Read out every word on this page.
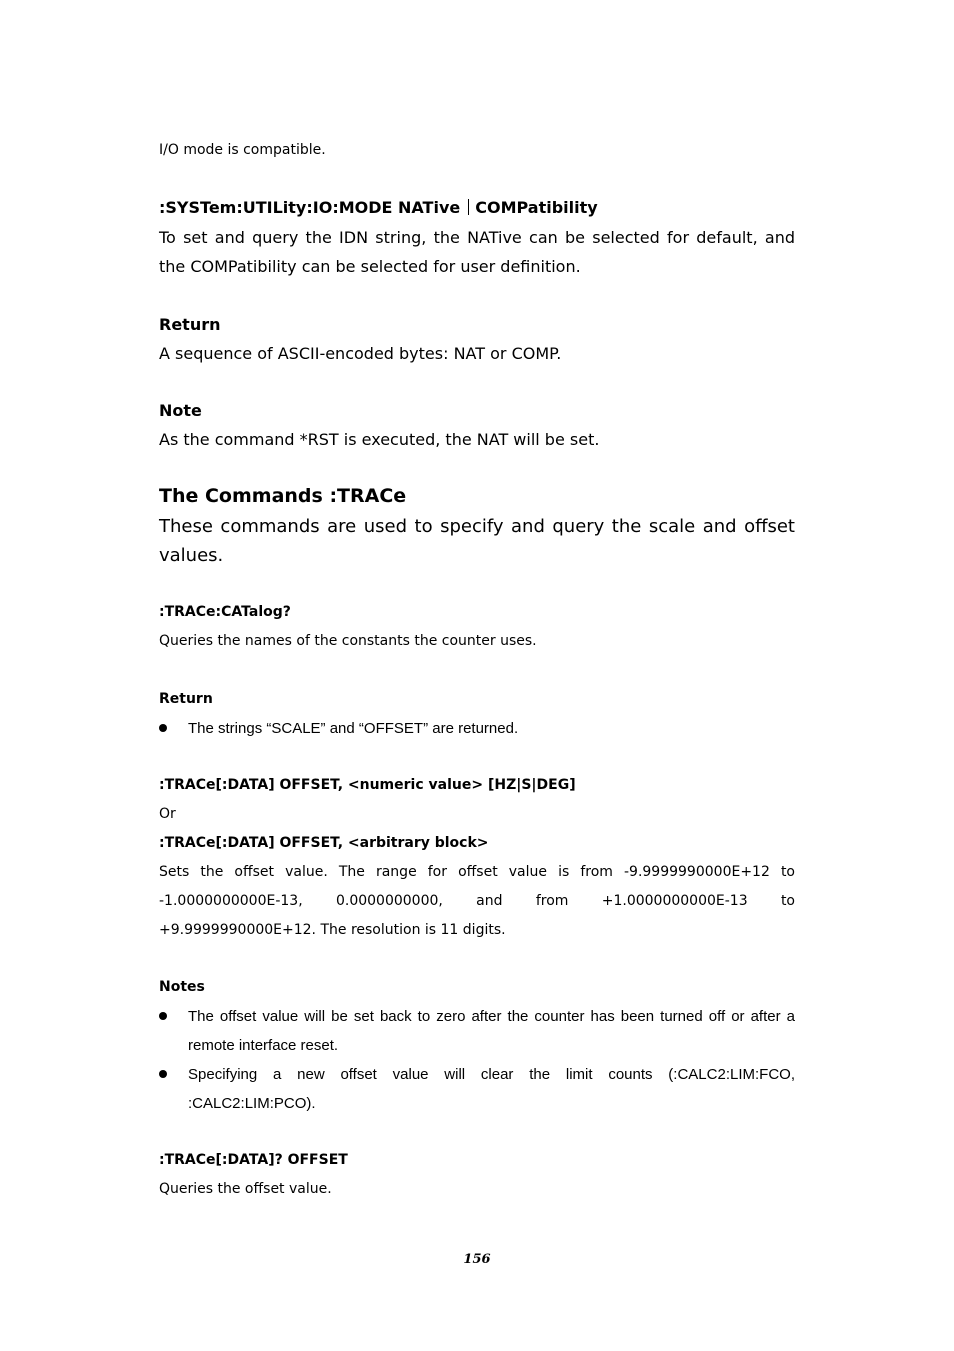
I/O mode is compatible.

:SYSTem:UTILity:IO:MODE NATive COMPatibility

To set and query the IDN string, the NATive can be selected for default, and the COMPatibility can be selected for user definition.

Return

A sequence of ASCII-encoded bytes: NAT or COMP.

Note

As the command *RST is executed, the NAT will be set.

The Commands :TRACe

These commands are used to specify and query the scale and offset values.

:TRACe:CATalog?

Queries the names of the constants the counter uses.

Return

The strings “SCALE” and “OFFSET” are returned.

:TRACe[:DATA] OFFSET, <numeric value> [HZ|S|DEG]

Or

:TRACe[:DATA] OFFSET, <arbitrary block>

Sets the offset value. The range for offset value is from -9.9999990000E+12 to -1.0000000000E-13, 0.0000000000, and from +1.0000000000E-13 to +9.9999990000E+12. The resolution is 11 digits.

Notes

The offset value will be set back to zero after the counter has been turned off or after a remote interface reset.
Specifying a new offset value will clear the limit counts (:CALC2:LIM:FCO, :CALC2:LIM:PCO).

:TRACe[:DATA]? OFFSET

Queries the offset value.

156
